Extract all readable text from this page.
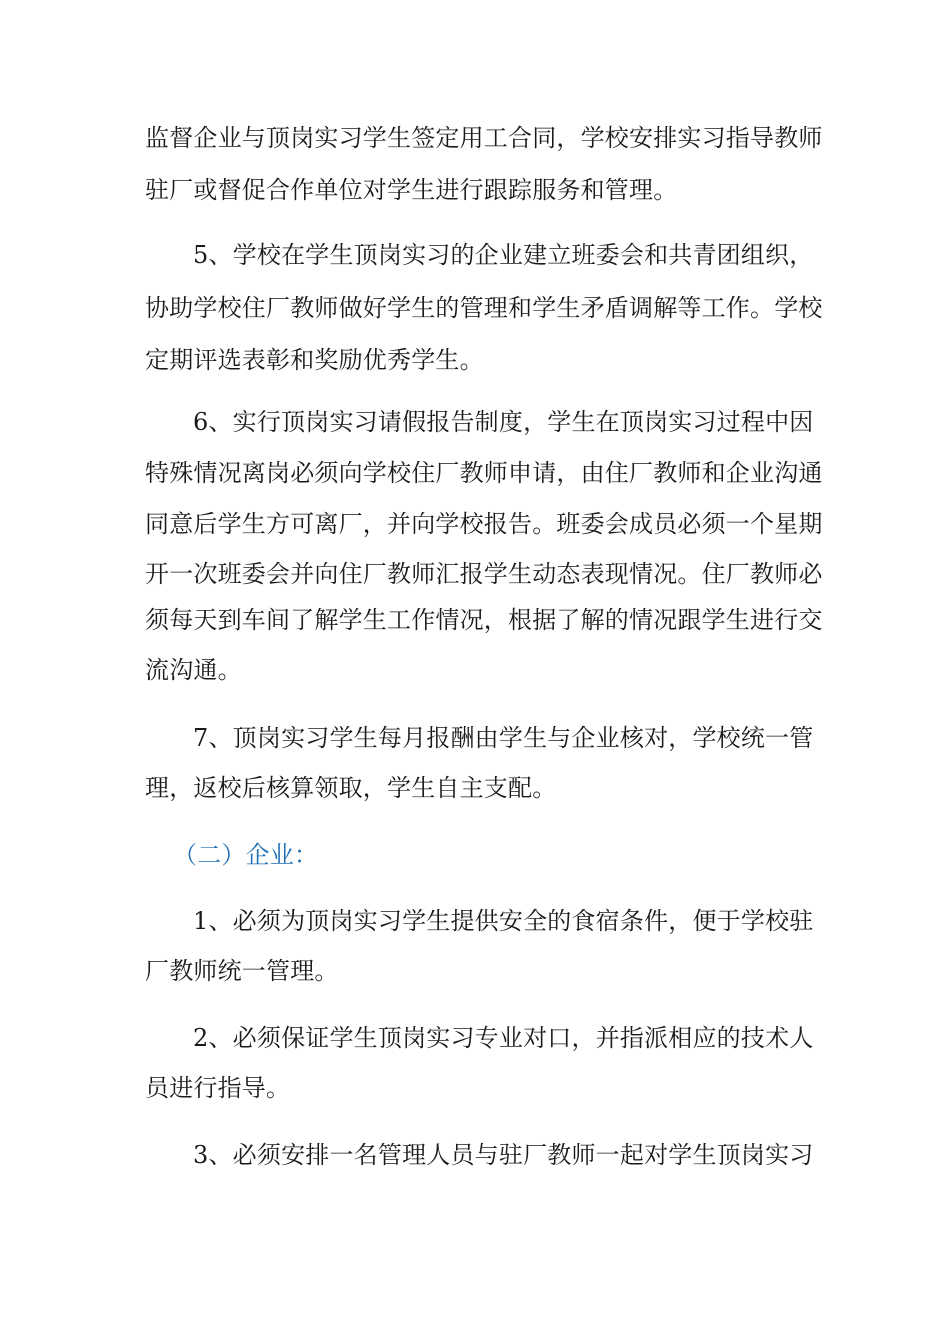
监督企业与顶岗实习学生签定用工合同，学校安排实习指导教师
驻厂或督促合作单位对学生进行跟踪服务和管理。
5、学校在学生顶岗实习的企业建立班委会和共青团组织，
协助学校住厂教师做好学生的管理和学生矛盾调解等工作。学校
定期评选表彰和奖励优秀学生。
6、实行顶岗实习请假报告制度，学生在顶岗实习过程中因
特殊情况离岗必须向学校住厂教师申请，由住厂教师和企业沟通
同意后学生方可离厂，并向学校报告。班委会成员必须一个星期
开一次班委会并向住厂教师汇报学生动态表现情况。住厂教师必
须每天到车间了解学生工作情况，根据了解的情况跟学生进行交
流沟通。
7、顶岗实习学生每月报酬由学生与企业核对，学校统一管
理，返校后核算领取，学生自主支配。
（二）企业：
1、必须为顶岗实习学生提供安全的食宿条件，便于学校驻
厂教师统一管理。
2、必须保证学生顶岗实习专业对口，并指派相应的技术人
员进行指导。
3、必须安排一名管理人员与驻厂教师一起对学生顶岗实习
